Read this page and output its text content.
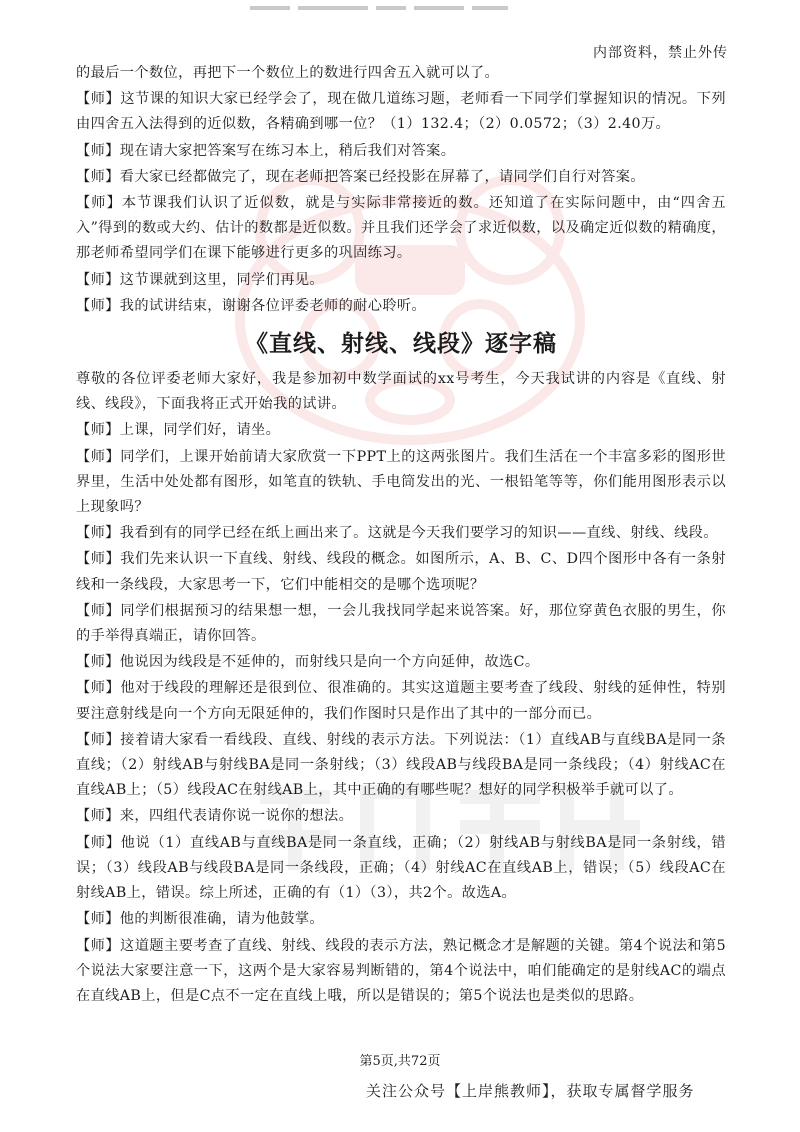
内部资料，禁止外传

的最后一个数位，再把下一个数位上的数进行四舍五入就可以了。

【师】这节课的知识大家已经学会了，现在做几道练习题，老师看一下同学们掌握知识的情况。下列由四舍五入法得到的近似数，各精确到哪一位？（1）132.4；（2）0.0572；（3）2.40万。

【师】现在请大家把答案写在练习本上，稍后我们对答案。

【师】看大家已经都做完了，现在老师把答案已经投影在屏幕了，请同学们自行对答案。

【师】本节课我们认识了近似数，就是与实际非常接近的数。还知道了在实际问题中，由“四舍五入”得到的数或大约、估计的数都是近似数。并且我们还学会了求近似数，以及确定近似数的精确度，那老师希望同学们在课下能够进行更多的巩固练习。

【师】这节课就到这里，同学们再见。

【师】我的试讲结束，谢谢各位评委老师的耐心聆听。

《直线、射线、线段》逐字稿

尊敬的各位评委老师大家好，我是参加初中数学面试的xx号考生，今天我试讲的内容是《直线、射线、线段》，下面我将正式开始我的试讲。

【师】上课，同学们好，请坐。

【师】同学们，上课开始前请大家欣赏一下PPT上的这两张图片。我们生活在一个丰富多彩的图形世界里，生活中处处都有图形，如笔直的铁轨、手电筒发出的光、一根铅笔等等，你们能用图形表示以上现象吗？

【师】我看到有的同学已经在纸上画出来了。这就是今天我们要学习的知识——直线、射线、线段。

【师】我们先来认识一下直线、射线、线段的概念。如图所示，A、B、C、D四个图形中各有一条射线和一条线段，大家思考一下，它们中能相交的是哪个选项呢？

【师】同学们根据预习的结果想一想，一会儿我找同学起来说答案。好，那位穿黄色衣服的男生，你的手举得真端正，请你回答。

【师】他说因为线段是不延伸的，而射线只是向一个方向延伸，故选C。

【师】他对于线段的理解还是很到位、很准确的。其实这道题主要考查了线段、射线的延伸性，特别要注意射线是向一个方向无限延伸的，我们作图时只是作出了其中的一部分而已。

【师】接着请大家看一看线段、直线、射线的表示方法。下列说法：（1）直线AB与直线BA是同一条直线；（2）射线AB与射线BA是同一条射线；（3）线段AB与线段BA是同一条线段；（4）射线AC在直线AB上；（5）线段AC在射线AB上，其中正确的有哪些呢？想好的同学积极举手就可以了。

【师】来，四组代表请你说一说你的想法。

【师】他说（1）直线AB与直线BA是同一条直线，正确；（2）射线AB与射线BA是同一条射线，错误；（3）线段AB与线段BA是同一条线段，正确；（4）射线AC在直线AB上，错误；（5）线段AC在射线AB上，错误。综上所述，正确的有（1）（3），共2个。故选A。

【师】他的判断很准确，请为他鼓掌。

【师】这道题主要考查了直线、射线、线段的表示方法，熟记概念才是解题的关键。第4个说法和第5个说法大家要注意一下，这两个是大家容易判断错的，第4个说法中，咱们能确定的是射线AC的端点在直线AB上，但是C点不一定在直线上哦，所以是错误的；第5个说法也是类似的思路。

第5页,共72页
关注公众号【上岸熊教师】，获取专属督学服务
